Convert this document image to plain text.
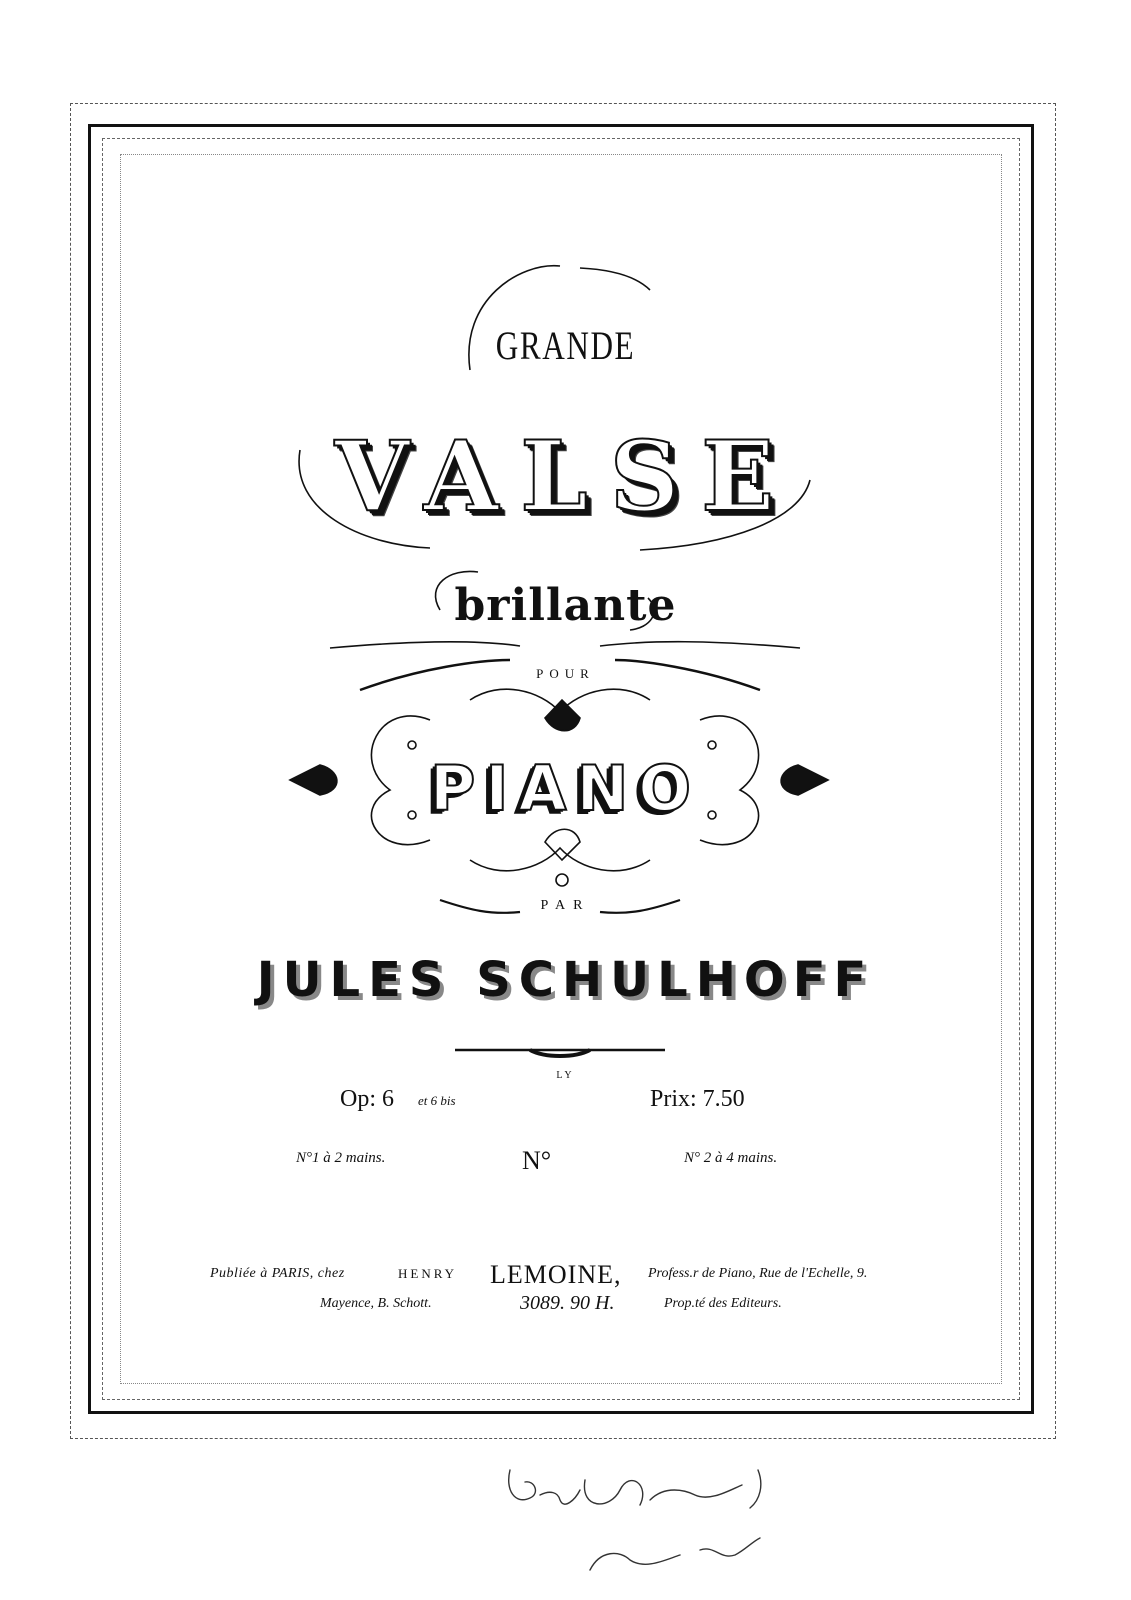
GRANDE
VALSE
brillante
POUR
PIANO
PAR
JULES SCHULHOFF
LY
Op: 6 et 6 bis	Prix: 7.50
N°1 à 2 mains.	N°	N° 2 à 4 mains.
Publiée à PARIS, chez	HENRY LEMOINE, Profess.r de Piano, Rue de l'Echelle, 9.
Mayence, B. Schott.	3089. 90 H.	Prop.té des Editeurs.
